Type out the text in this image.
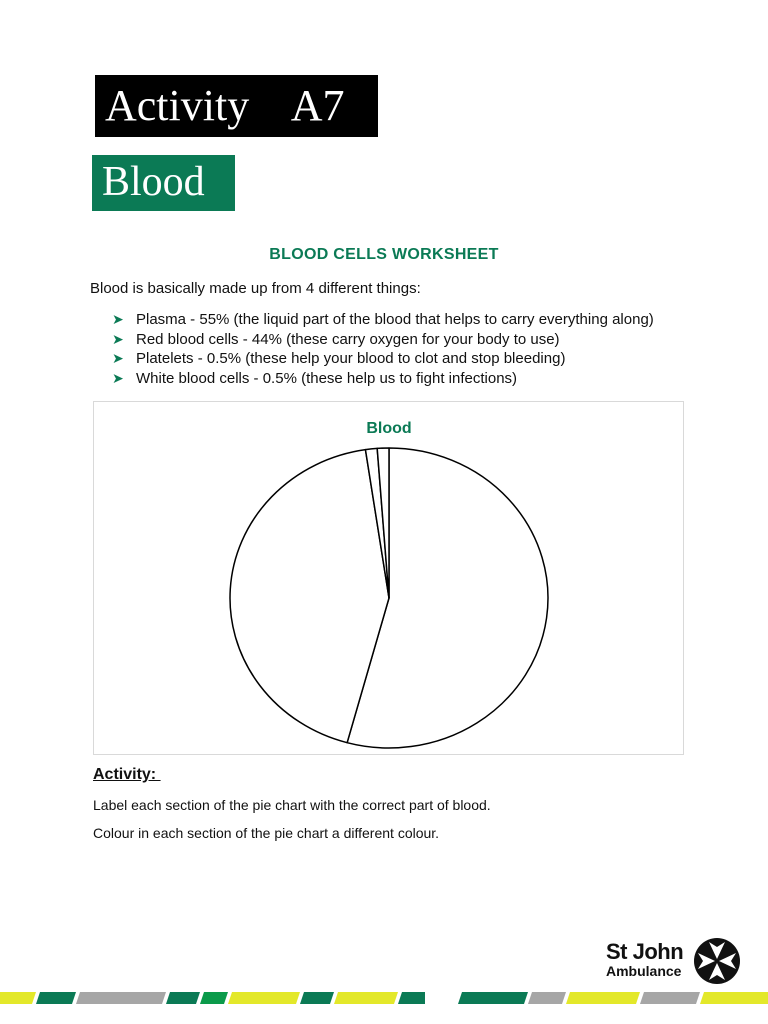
Activity    A7
Blood
BLOOD CELLS WORKSHEET
Blood is basically made up from 4 different things:
➤ Plasma - 55% (the liquid part of the blood that helps to carry everything along)
➤ Red blood cells - 44% (these carry oxygen for your body to use)
➤ Platelets - 0.5% (these help your blood to clot and stop bleeding)
➤ White blood cells - 0.5% (these help us to fight infections)
Blood
Activity:
Label each section of the pie chart with the correct part of blood.
Colour in each section of the pie chart a different colour.
St John
Ambulance
